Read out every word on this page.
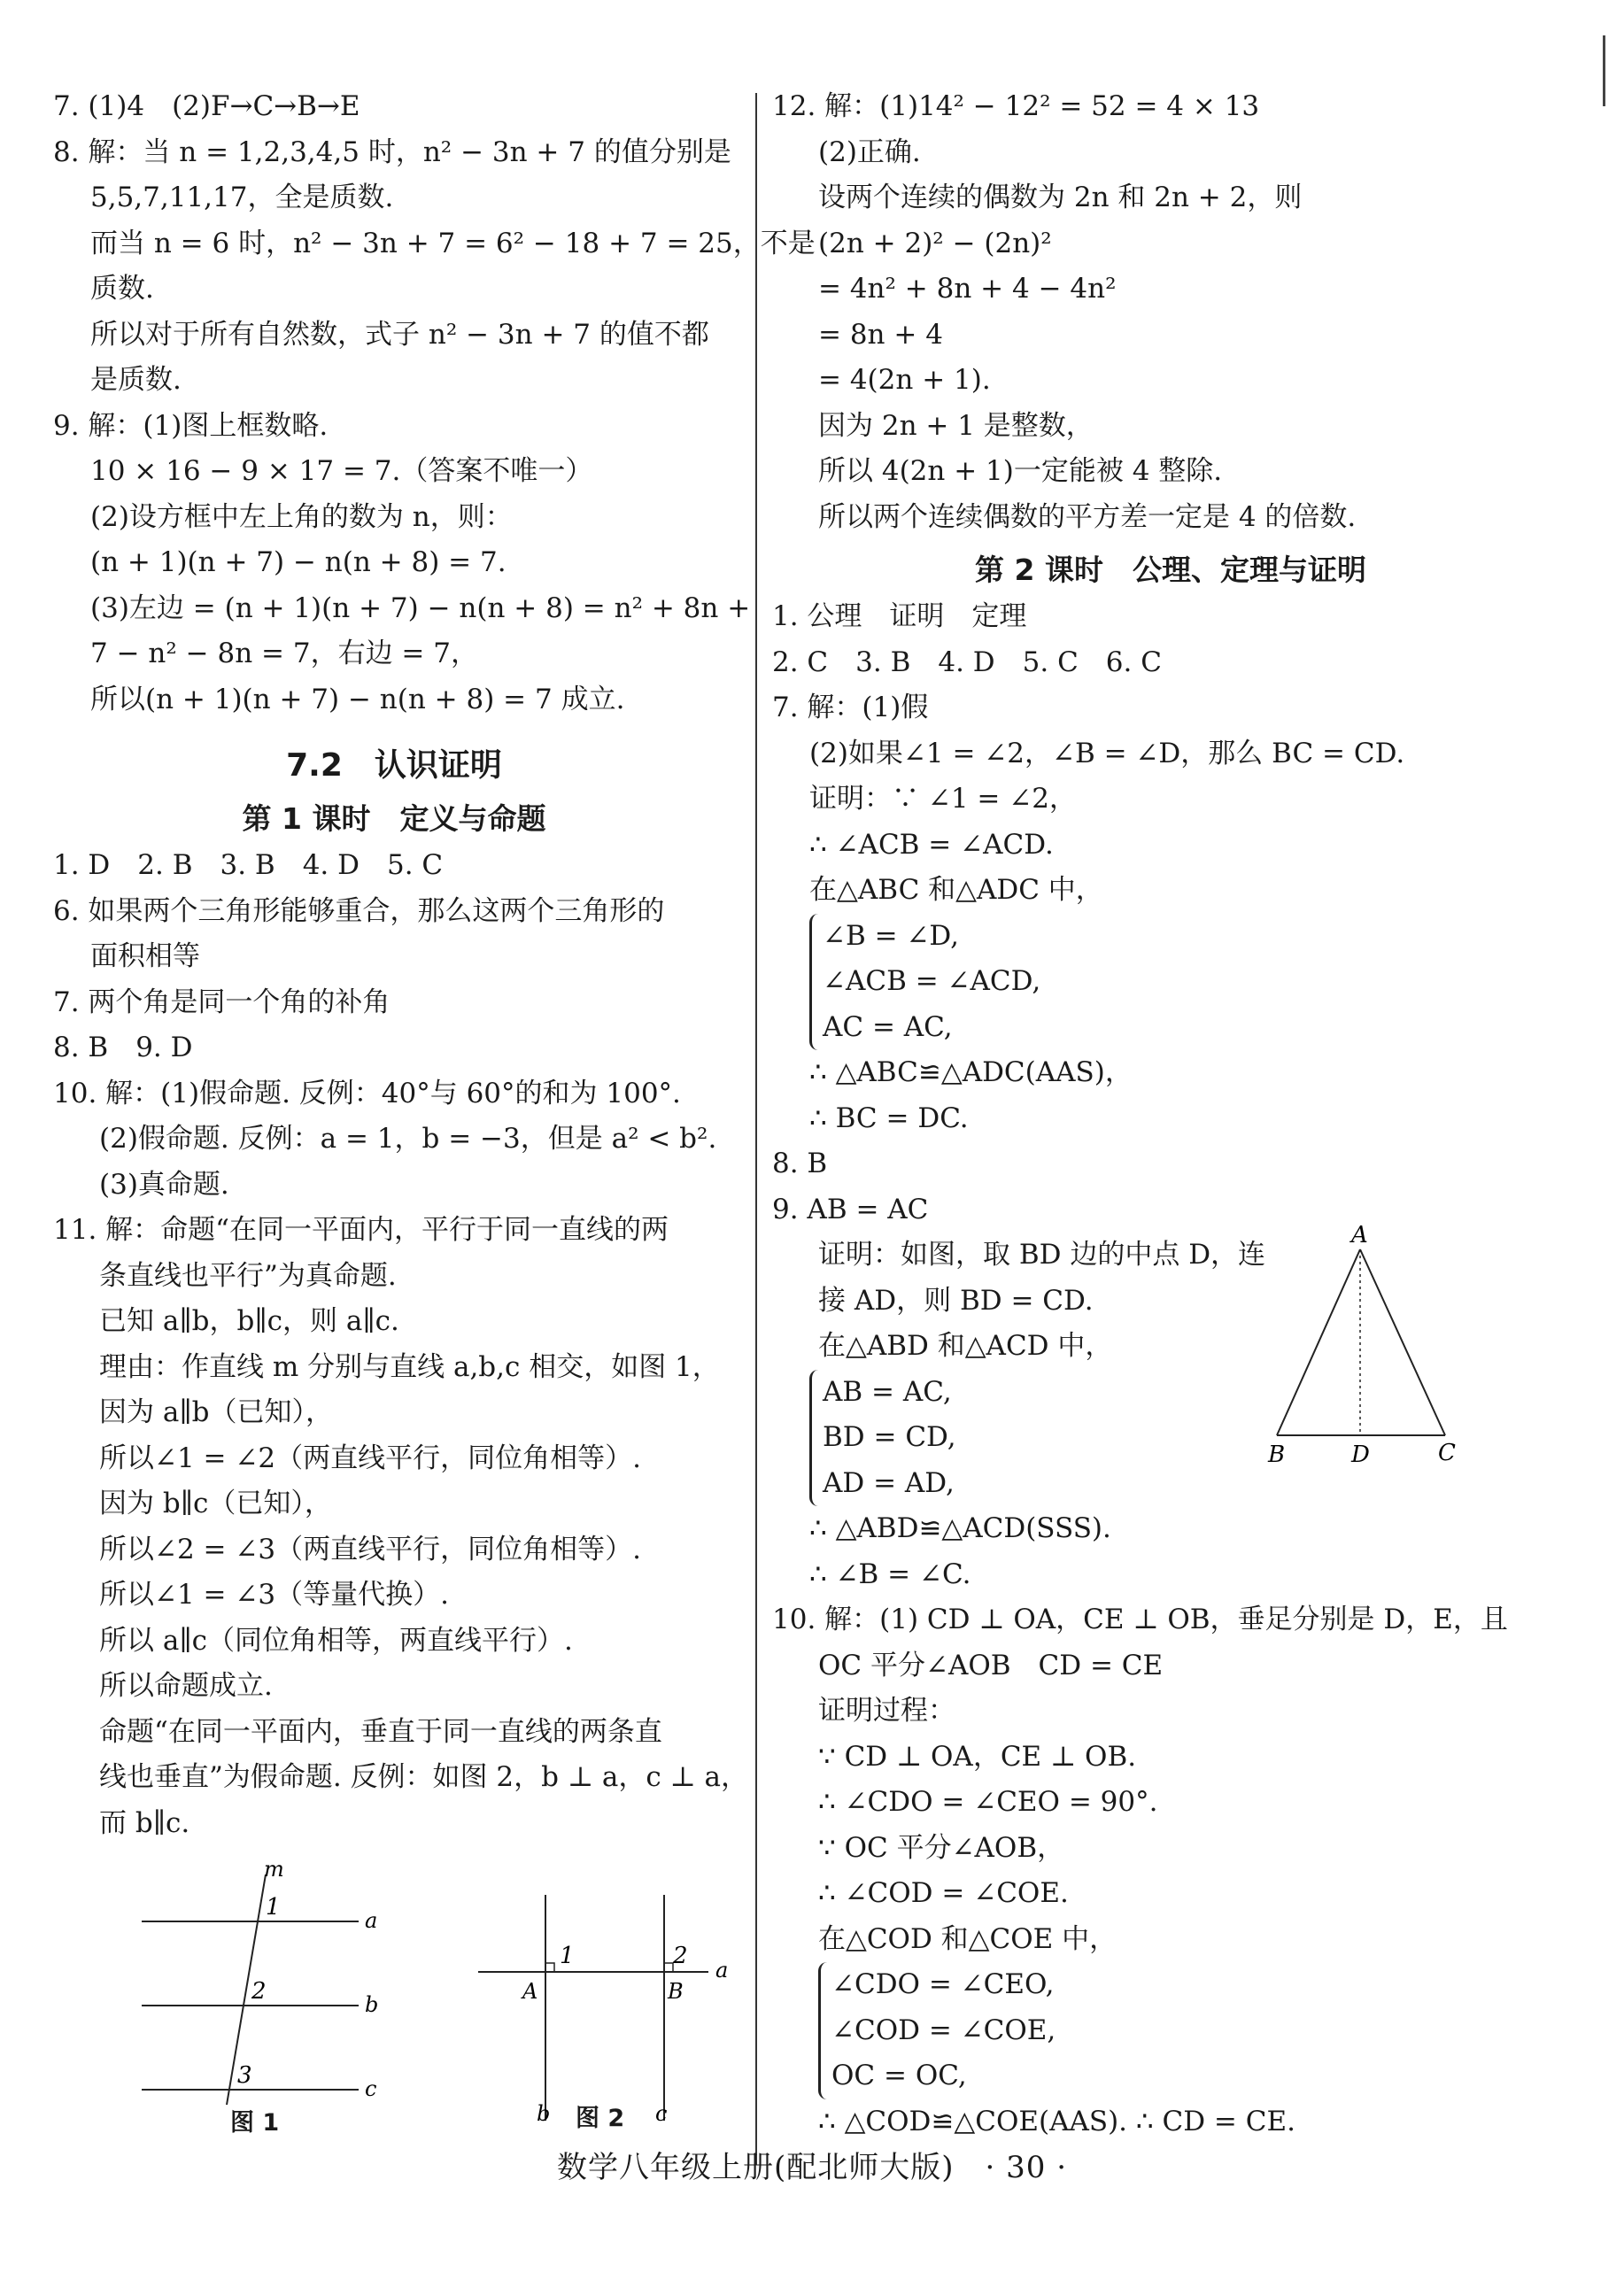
7. (1)4　(2)F→C→B→E
8. 解：当 n = 1,2,3,4,5 时，n² − 3n + 7 的值分别是
5,5,7,11,17，全是质数.
而当 n = 6 时，n² − 3n + 7 = 6² − 18 + 7 = 25，不是
质数.
所以对于所有自然数，式子 n² − 3n + 7 的值不都
是质数.
9. 解：(1)图上框数略.
10 × 16 − 9 × 17 = 7.（答案不唯一）
(2)设方框中左上角的数为 n，则：
(n + 1)(n + 7) − n(n + 8) = 7.
(3)左边 = (n + 1)(n + 7) − n(n + 8) = n² + 8n +
7 − n² − 8n = 7，右边 = 7，
所以(n + 1)(n + 7) − n(n + 8) = 7 成立.
7.2　认识证明
第 1 课时　定义与命题
1. D　2. B　3. B　4. D　5. C
6. 如果两个三角形能够重合，那么这两个三角形的
面积相等
7. 两个角是同一个角的补角
8. B　9. D
10. 解：(1)假命题. 反例：40°与 60°的和为 100°.
(2)假命题. 反例：a = 1，b = −3，但是 a² < b².
(3)真命题.
11. 解：命题“在同一平面内，平行于同一直线的两
条直线也平行”为真命题.
已知 a∥b，b∥c，则 a∥c.
理由：作直线 m 分别与直线 a,b,c 相交，如图 1，
因为 a∥b（已知），
所以∠1 = ∠2（两直线平行，同位角相等）.
因为 b∥c（已知），
所以∠2 = ∠3（两直线平行，同位角相等）.
所以∠1 = ∠3（等量代换）.
所以 a∥c（同位角相等，两直线平行）.
所以命题成立.
命题“在同一平面内，垂直于同一直线的两条直
线也垂直”为假命题. 反例：如图 2，b ⊥ a，c ⊥ a，
而 b∥c.
m
a
b
c
1
2
3
a
b	c
A	B
1	2
图 1	图 2
12. 解：(1)14² − 12² = 52 = 4 × 13
(2)正确.
设两个连续的偶数为 2n 和 2n + 2，则
(2n + 2)² − (2n)²
= 4n² + 8n + 4 − 4n²
= 8n + 4
= 4(2n + 1).
因为 2n + 1 是整数，
所以 4(2n + 1)一定能被 4 整除.
所以两个连续偶数的平方差一定是 4 的倍数.
第 2 课时　公理、定理与证明
1. 公理　证明　定理
2. C　3. B　4. D　5. C　6. C
7. 解：(1)假
(2)如果∠1 = ∠2，∠B = ∠D，那么 BC = CD.
证明：∵ ∠1 = ∠2，
∴ ∠ACB = ∠ACD.
在△ABC 和△ADC 中，
∠B = ∠D,
∠ACB = ∠ACD,
AC = AC,
∴ △ABC≌△ADC(AAS)，
∴ BC = DC.
8. B
9. AB = AC
证明：如图，取 BD 边的中点 D，连
接 AD，则 BD = CD.
在△ABD 和△ACD 中，
AB = AC,
BD = CD,
AD = AD,
A
B	D	C
∴ △ABD≌△ACD(SSS).
∴ ∠B = ∠C.
10. 解：(1) CD ⊥ OA，CE ⊥ OB，垂足分别是 D，E，且
OC 平分∠AOB　CD = CE
证明过程：
∵ CD ⊥ OA，CE ⊥ OB.
∴ ∠CDO = ∠CEO = 90°.
∵ OC 平分∠AOB，
∴ ∠COD = ∠COE.
在△COD 和△COE 中，
∠CDO = ∠CEO,
∠COD = ∠COE,
OC = OC,
∴ △COD≌△COE(AAS). ∴ CD = CE.
数学八年级上册(配北师大版)　· 30 ·
